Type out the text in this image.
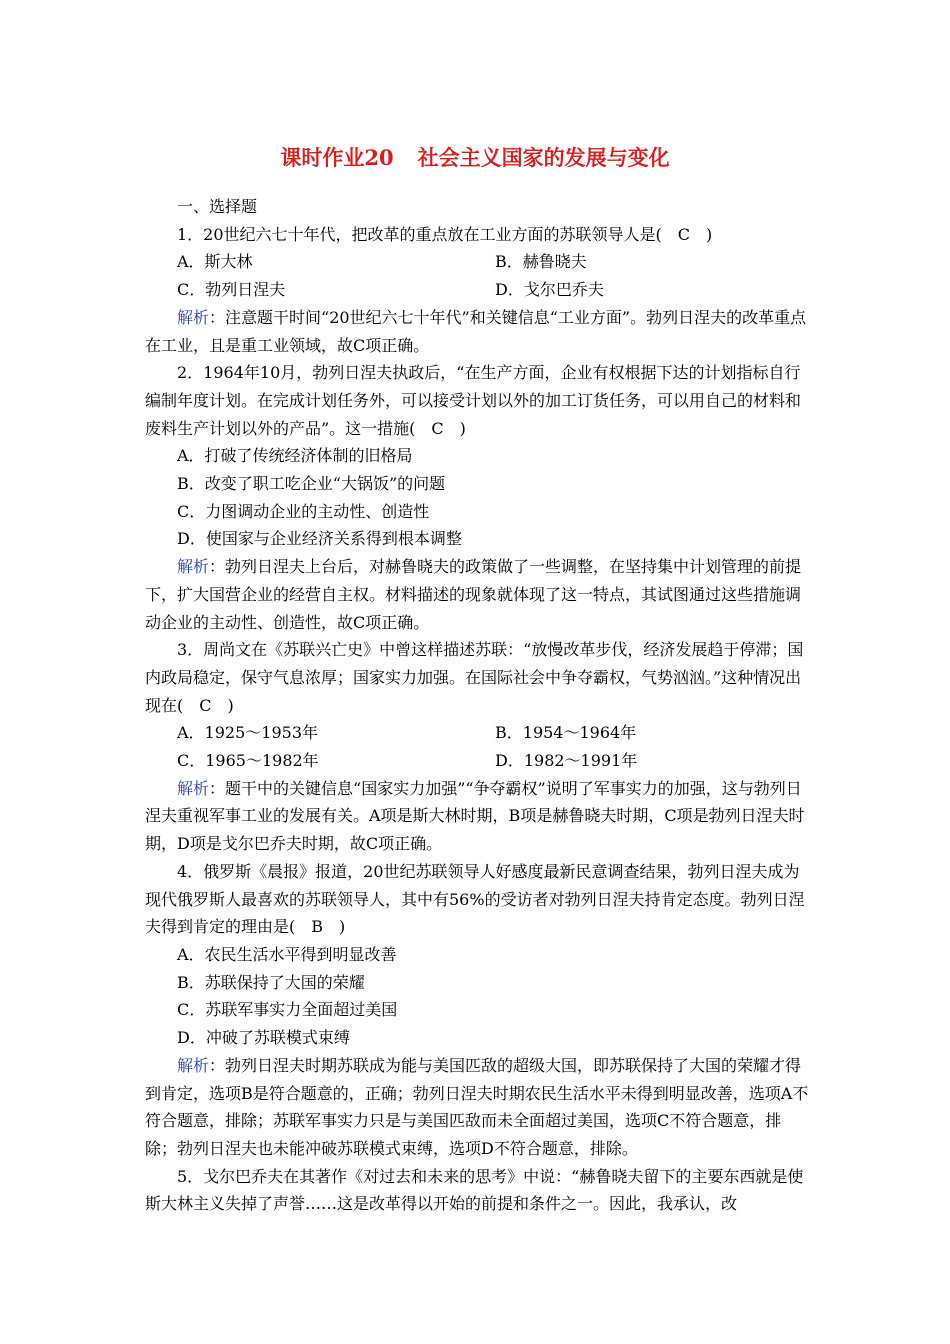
课时作业20 社会主义国家的发展与变化

一、选择题

1．20世纪六七十年代，把改革的重点放在工业方面的苏联领导人是(　C　)

A．斯大林	B．赫鲁晓夫
C．勃列日涅夫	D．戈尔巴乔夫

解析：注意题干时间“20世纪六七十年代”和关键信息“工业方面”。勃列日涅夫的改革重点在工业，且是重工业领域，故C项正确。

2．1964年10月，勃列日涅夫执政后，“在生产方面，企业有权根据下达的计划指标自行编制年度计划。在完成计划任务外，可以接受计划以外的加工订货任务，可以用自己的材料和废料生产计划以外的产品”。这一措施(　C　)

A．打破了传统经济体制的旧格局

B．改变了职工吃企业“大锅饭”的问题

C．力图调动企业的主动性、创造性

D．使国家与企业经济关系得到根本调整

解析：勃列日涅夫上台后，对赫鲁晓夫的政策做了一些调整，在坚持集中计划管理的前提下，扩大国营企业的经营自主权。材料描述的现象就体现了这一特点，其试图通过这些措施调动企业的主动性、创造性，故C项正确。

3．周尚文在《苏联兴亡史》中曾这样描述苏联：“放慢改革步伐，经济发展趋于停滞；国内政局稳定，保守气息浓厚；国家实力加强。在国际社会中争夺霸权，气势汹汹。”这种情况出现在(　C　)

A．1925～1953年	B．1954～1964年
C．1965～1982年	D．1982～1991年

解析：题干中的关键信息“国家实力加强”“争夺霸权”说明了军事实力的加强，这与勃列日涅夫重视军事工业的发展有关。A项是斯大林时期，B项是赫鲁晓夫时期，C项是勃列日涅夫时期，D项是戈尔巴乔夫时期，故C项正确。

4．俄罗斯《晨报》报道，20世纪苏联领导人好感度最新民意调查结果，勃列日涅夫成为现代俄罗斯人最喜欢的苏联领导人，其中有56%的受访者对勃列日涅夫持肯定态度。勃列日涅夫得到肯定的理由是(　B　)

A．农民生活水平得到明显改善

B．苏联保持了大国的荣耀

C．苏联军事实力全面超过美国

D．冲破了苏联模式束缚

解析：勃列日涅夫时期苏联成为能与美国匹敌的超级大国，即苏联保持了大国的荣耀才得到肯定，选项B是符合题意的，正确；勃列日涅夫时期农民生活水平未得到明显改善，选项A不符合题意，排除；苏联军事实力只是与美国匹敌而未全面超过美国，选项C不符合题意，排除；勃列日涅夫也未能冲破苏联模式束缚，选项D不符合题意，排除。

5．戈尔巴乔夫在其著作《对过去和未来的思考》中说：“赫鲁晓夫留下的主要东西就是使斯大林主义失掉了声誉……这是改革得以开始的前提和条件之一。因此，我承认，改
